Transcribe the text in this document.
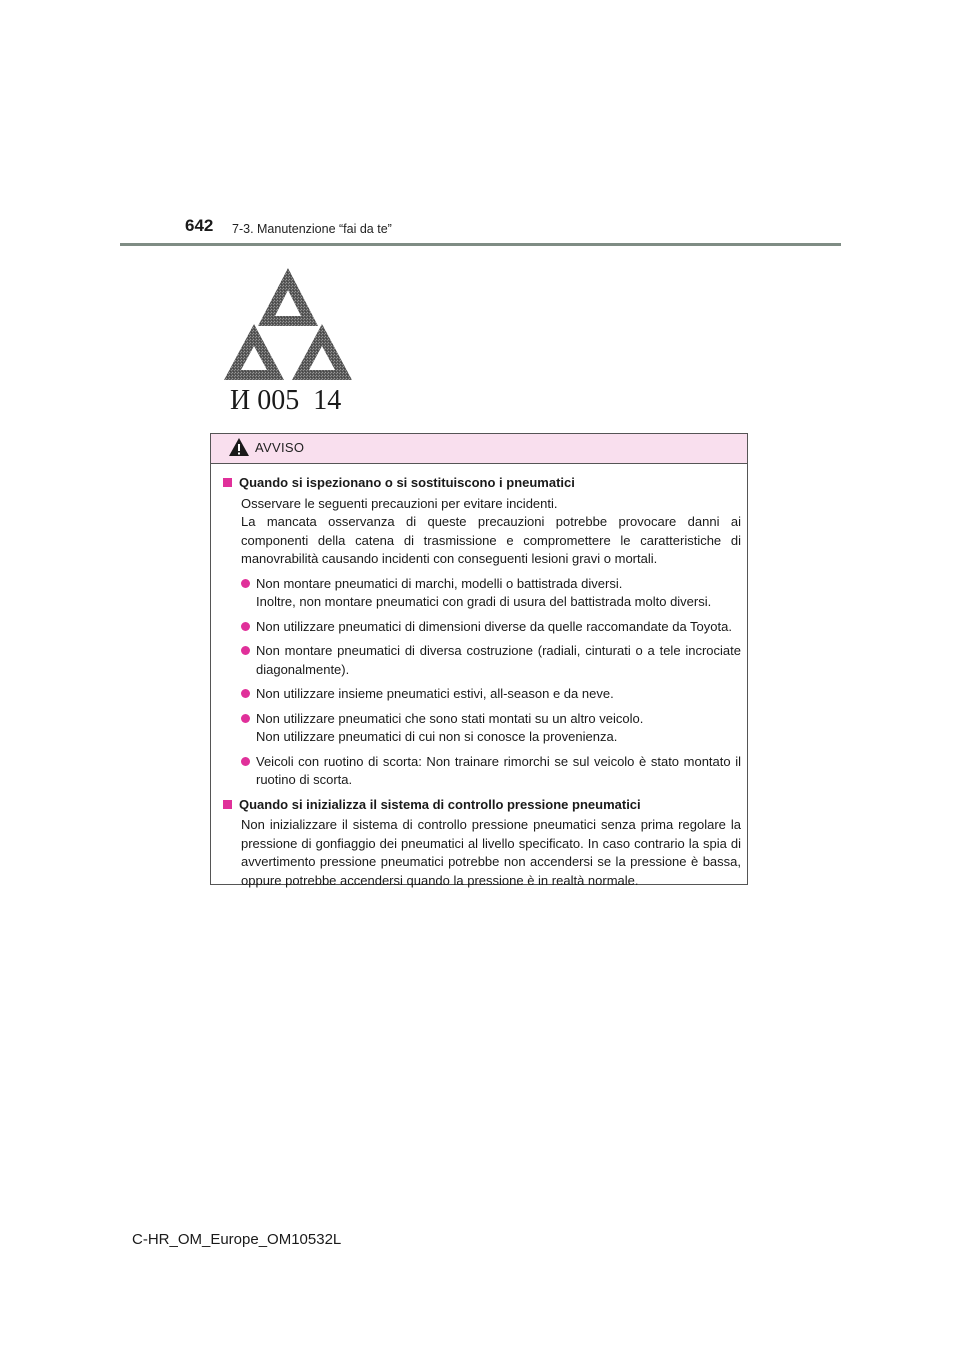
642 7-3. Manutenzione “fai da te”
И 005  14
AVVISO
Quando si ispezionano o si sostituiscono i pneumatici
Osservare le seguenti precauzioni per evitare incidenti.
La mancata osservanza di queste precauzioni potrebbe provocare danni ai componenti della catena di trasmissione e compromettere le caratteristiche di manovrabilità causando incidenti con conseguenti lesioni gravi o mortali.
Non montare pneumatici di marchi, modelli o battistrada diversi.
Inoltre, non montare pneumatici con gradi di usura del battistrada molto diversi.
Non utilizzare pneumatici di dimensioni diverse da quelle raccomandate da Toyota.
Non montare pneumatici di diversa costruzione (radiali, cinturati o a tele incrociate diagonalmente).
Non utilizzare insieme pneumatici estivi, all-season e da neve.
Non utilizzare pneumatici che sono stati montati su un altro veicolo.
Non utilizzare pneumatici di cui non si conosce la provenienza.
Veicoli con ruotino di scorta: Non trainare rimorchi se sul veicolo è stato montato il ruotino di scorta.
Quando si inizializza il sistema di controllo pressione pneumatici
Non inizializzare il sistema di controllo pressione pneumatici senza prima regolare la pressione di gonfiaggio dei pneumatici al livello specificato. In caso contrario la spia di avvertimento pressione pneumatici potrebbe non accendersi se la pressione è bassa, oppure potrebbe accendersi quando la pressione è in realtà normale.
C-HR_OM_Europe_OM10532L
